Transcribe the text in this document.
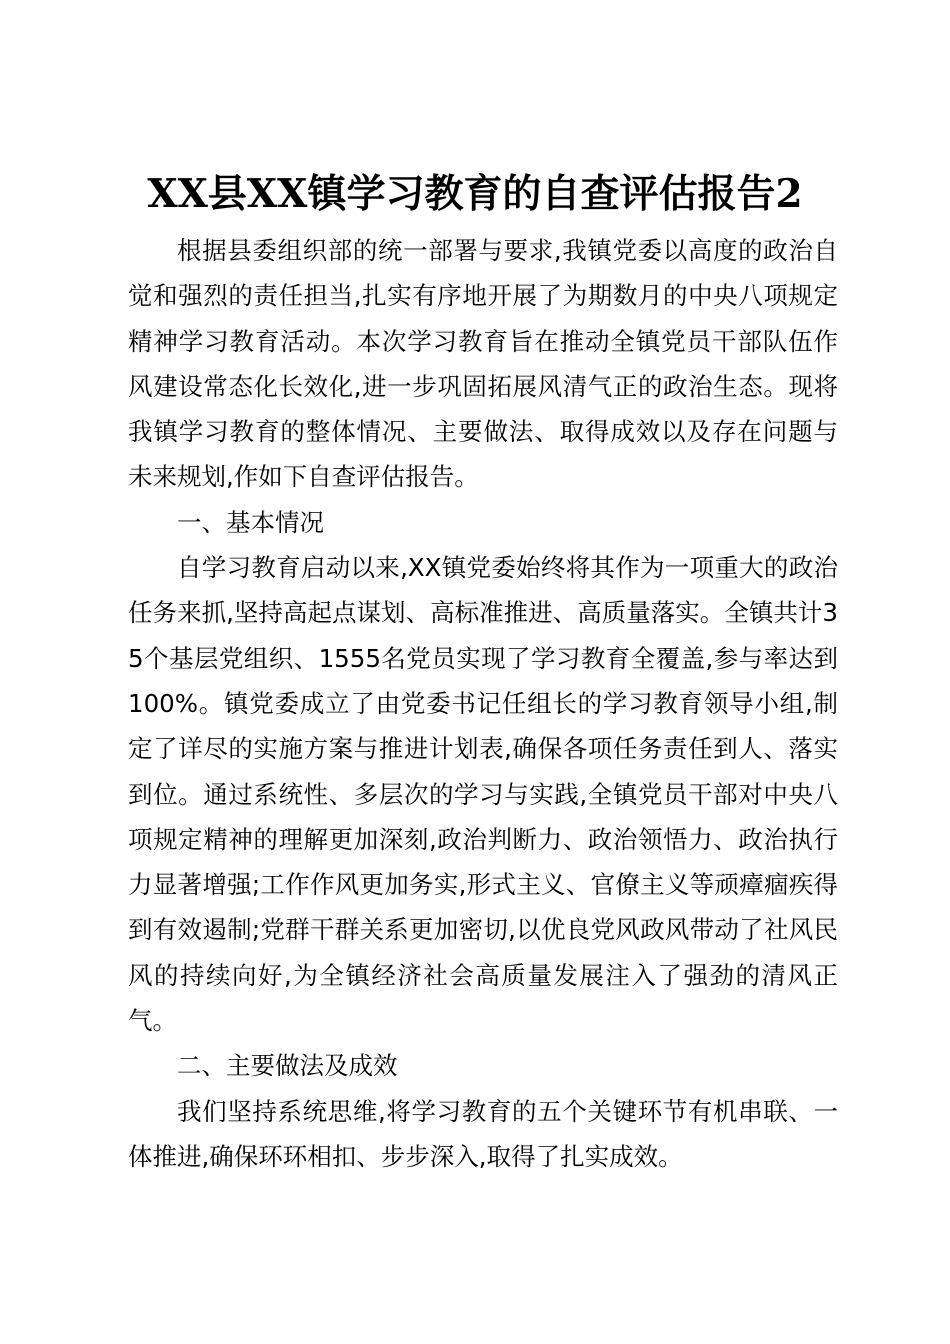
XX县XX镇学习教育的自查评估报告2

根据县委组织部的统一部署与要求,我镇党委以高度的政治自觉和强烈的责任担当,扎实有序地开展了为期数月的中央八项规定精神学习教育活动。本次学习教育旨在推动全镇党员干部队伍作风建设常态化长效化,进一步巩固拓展风清气正的政治生态。现将我镇学习教育的整体情况、主要做法、取得成效以及存在问题与未来规划,作如下自查评估报告。

一、基本情况

自学习教育启动以来,XX镇党委始终将其作为一项重大的政治任务来抓,坚持高起点谋划、高标准推进、高质量落实。全镇共计35个基层党组织、1555名党员实现了学习教育全覆盖,参与率达到100%。镇党委成立了由党委书记任组长的学习教育领导小组,制定了详尽的实施方案与推进计划表,确保各项任务责任到人、落实到位。通过系统性、多层次的学习与实践,全镇党员干部对中央八项规定精神的理解更加深刻,政治判断力、政治领悟力、政治执行力显著增强;工作作风更加务实,形式主义、官僚主义等顽瘴痼疾得到有效遏制;党群干群关系更加密切,以优良党风政风带动了社风民风的持续向好,为全镇经济社会高质量发展注入了强劲的清风正气。

二、主要做法及成效

我们坚持系统思维,将学习教育的五个关键环节有机串联、一体推进,确保环环相扣、步步深入,取得了扎实成效。
